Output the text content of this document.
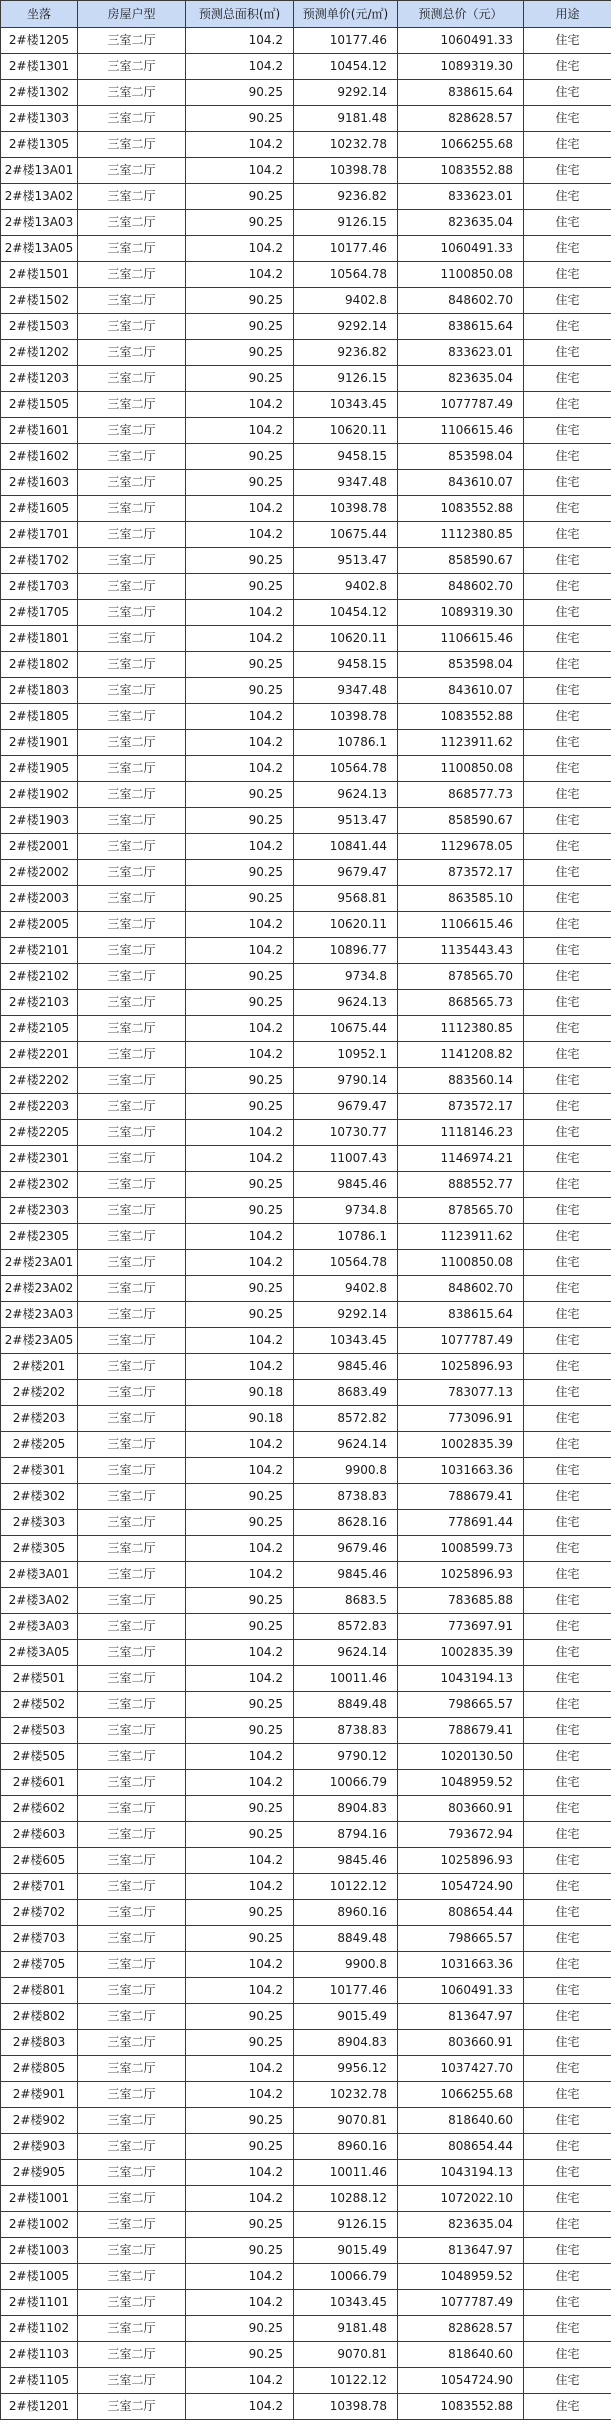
坐落	房屋户型	预测总面积(㎡)	预测单价(元/㎡)	预测总价（元）	用途
2#楼1205	三室二厅	104.2	10177.46	1060491.33	住宅
2#楼1301	三室二厅	104.2	10454.12	1089319.30	住宅
2#楼1302	三室二厅	90.25	9292.14	838615.64	住宅
2#楼1303	三室二厅	90.25	9181.48	828628.57	住宅
2#楼1305	三室二厅	104.2	10232.78	1066255.68	住宅
2#楼13A01	三室二厅	104.2	10398.78	1083552.88	住宅
2#楼13A02	三室二厅	90.25	9236.82	833623.01	住宅
2#楼13A03	三室二厅	90.25	9126.15	823635.04	住宅
2#楼13A05	三室二厅	104.2	10177.46	1060491.33	住宅
2#楼1501	三室二厅	104.2	10564.78	1100850.08	住宅
2#楼1502	三室二厅	90.25	9402.8	848602.70	住宅
2#楼1503	三室二厅	90.25	9292.14	838615.64	住宅
2#楼1202	三室二厅	90.25	9236.82	833623.01	住宅
2#楼1203	三室二厅	90.25	9126.15	823635.04	住宅
2#楼1505	三室二厅	104.2	10343.45	1077787.49	住宅
2#楼1601	三室二厅	104.2	10620.11	1106615.46	住宅
2#楼1602	三室二厅	90.25	9458.15	853598.04	住宅
2#楼1603	三室二厅	90.25	9347.48	843610.07	住宅
2#楼1605	三室二厅	104.2	10398.78	1083552.88	住宅
2#楼1701	三室二厅	104.2	10675.44	1112380.85	住宅
2#楼1702	三室二厅	90.25	9513.47	858590.67	住宅
2#楼1703	三室二厅	90.25	9402.8	848602.70	住宅
2#楼1705	三室二厅	104.2	10454.12	1089319.30	住宅
2#楼1801	三室二厅	104.2	10620.11	1106615.46	住宅
2#楼1802	三室二厅	90.25	9458.15	853598.04	住宅
2#楼1803	三室二厅	90.25	9347.48	843610.07	住宅
2#楼1805	三室二厅	104.2	10398.78	1083552.88	住宅
2#楼1901	三室二厅	104.2	10786.1	1123911.62	住宅
2#楼1905	三室二厅	104.2	10564.78	1100850.08	住宅
2#楼1902	三室二厅	90.25	9624.13	868577.73	住宅
2#楼1903	三室二厅	90.25	9513.47	858590.67	住宅
2#楼2001	三室二厅	104.2	10841.44	1129678.05	住宅
2#楼2002	三室二厅	90.25	9679.47	873572.17	住宅
2#楼2003	三室二厅	90.25	9568.81	863585.10	住宅
2#楼2005	三室二厅	104.2	10620.11	1106615.46	住宅
2#楼2101	三室二厅	104.2	10896.77	1135443.43	住宅
2#楼2102	三室二厅	90.25	9734.8	878565.70	住宅
2#楼2103	三室二厅	90.25	9624.13	868565.73	住宅
2#楼2105	三室二厅	104.2	10675.44	1112380.85	住宅
2#楼2201	三室二厅	104.2	10952.1	1141208.82	住宅
2#楼2202	三室二厅	90.25	9790.14	883560.14	住宅
2#楼2203	三室二厅	90.25	9679.47	873572.17	住宅
2#楼2205	三室二厅	104.2	10730.77	1118146.23	住宅
2#楼2301	三室二厅	104.2	11007.43	1146974.21	住宅
2#楼2302	三室二厅	90.25	9845.46	888552.77	住宅
2#楼2303	三室二厅	90.25	9734.8	878565.70	住宅
2#楼2305	三室二厅	104.2	10786.1	1123911.62	住宅
2#楼23A01	三室二厅	104.2	10564.78	1100850.08	住宅
2#楼23A02	三室二厅	90.25	9402.8	848602.70	住宅
2#楼23A03	三室二厅	90.25	9292.14	838615.64	住宅
2#楼23A05	三室二厅	104.2	10343.45	1077787.49	住宅
2#楼201	三室二厅	104.2	9845.46	1025896.93	住宅
2#楼202	三室二厅	90.18	8683.49	783077.13	住宅
2#楼203	三室二厅	90.18	8572.82	773096.91	住宅
2#楼205	三室二厅	104.2	9624.14	1002835.39	住宅
2#楼301	三室二厅	104.2	9900.8	1031663.36	住宅
2#楼302	三室二厅	90.25	8738.83	788679.41	住宅
2#楼303	三室二厅	90.25	8628.16	778691.44	住宅
2#楼305	三室二厅	104.2	9679.46	1008599.73	住宅
2#楼3A01	三室二厅	104.2	9845.46	1025896.93	住宅
2#楼3A02	三室二厅	90.25	8683.5	783685.88	住宅
2#楼3A03	三室二厅	90.25	8572.83	773697.91	住宅
2#楼3A05	三室二厅	104.2	9624.14	1002835.39	住宅
2#楼501	三室二厅	104.2	10011.46	1043194.13	住宅
2#楼502	三室二厅	90.25	8849.48	798665.57	住宅
2#楼503	三室二厅	90.25	8738.83	788679.41	住宅
2#楼505	三室二厅	104.2	9790.12	1020130.50	住宅
2#楼601	三室二厅	104.2	10066.79	1048959.52	住宅
2#楼602	三室二厅	90.25	8904.83	803660.91	住宅
2#楼603	三室二厅	90.25	8794.16	793672.94	住宅
2#楼605	三室二厅	104.2	9845.46	1025896.93	住宅
2#楼701	三室二厅	104.2	10122.12	1054724.90	住宅
2#楼702	三室二厅	90.25	8960.16	808654.44	住宅
2#楼703	三室二厅	90.25	8849.48	798665.57	住宅
2#楼705	三室二厅	104.2	9900.8	1031663.36	住宅
2#楼801	三室二厅	104.2	10177.46	1060491.33	住宅
2#楼802	三室二厅	90.25	9015.49	813647.97	住宅
2#楼803	三室二厅	90.25	8904.83	803660.91	住宅
2#楼805	三室二厅	104.2	9956.12	1037427.70	住宅
2#楼901	三室二厅	104.2	10232.78	1066255.68	住宅
2#楼902	三室二厅	90.25	9070.81	818640.60	住宅
2#楼903	三室二厅	90.25	8960.16	808654.44	住宅
2#楼905	三室二厅	104.2	10011.46	1043194.13	住宅
2#楼1001	三室二厅	104.2	10288.12	1072022.10	住宅
2#楼1002	三室二厅	90.25	9126.15	823635.04	住宅
2#楼1003	三室二厅	90.25	9015.49	813647.97	住宅
2#楼1005	三室二厅	104.2	10066.79	1048959.52	住宅
2#楼1101	三室二厅	104.2	10343.45	1077787.49	住宅
2#楼1102	三室二厅	90.25	9181.48	828628.57	住宅
2#楼1103	三室二厅	90.25	9070.81	818640.60	住宅
2#楼1105	三室二厅	104.2	10122.12	1054724.90	住宅
2#楼1201	三室二厅	104.2	10398.78	1083552.88	住宅
